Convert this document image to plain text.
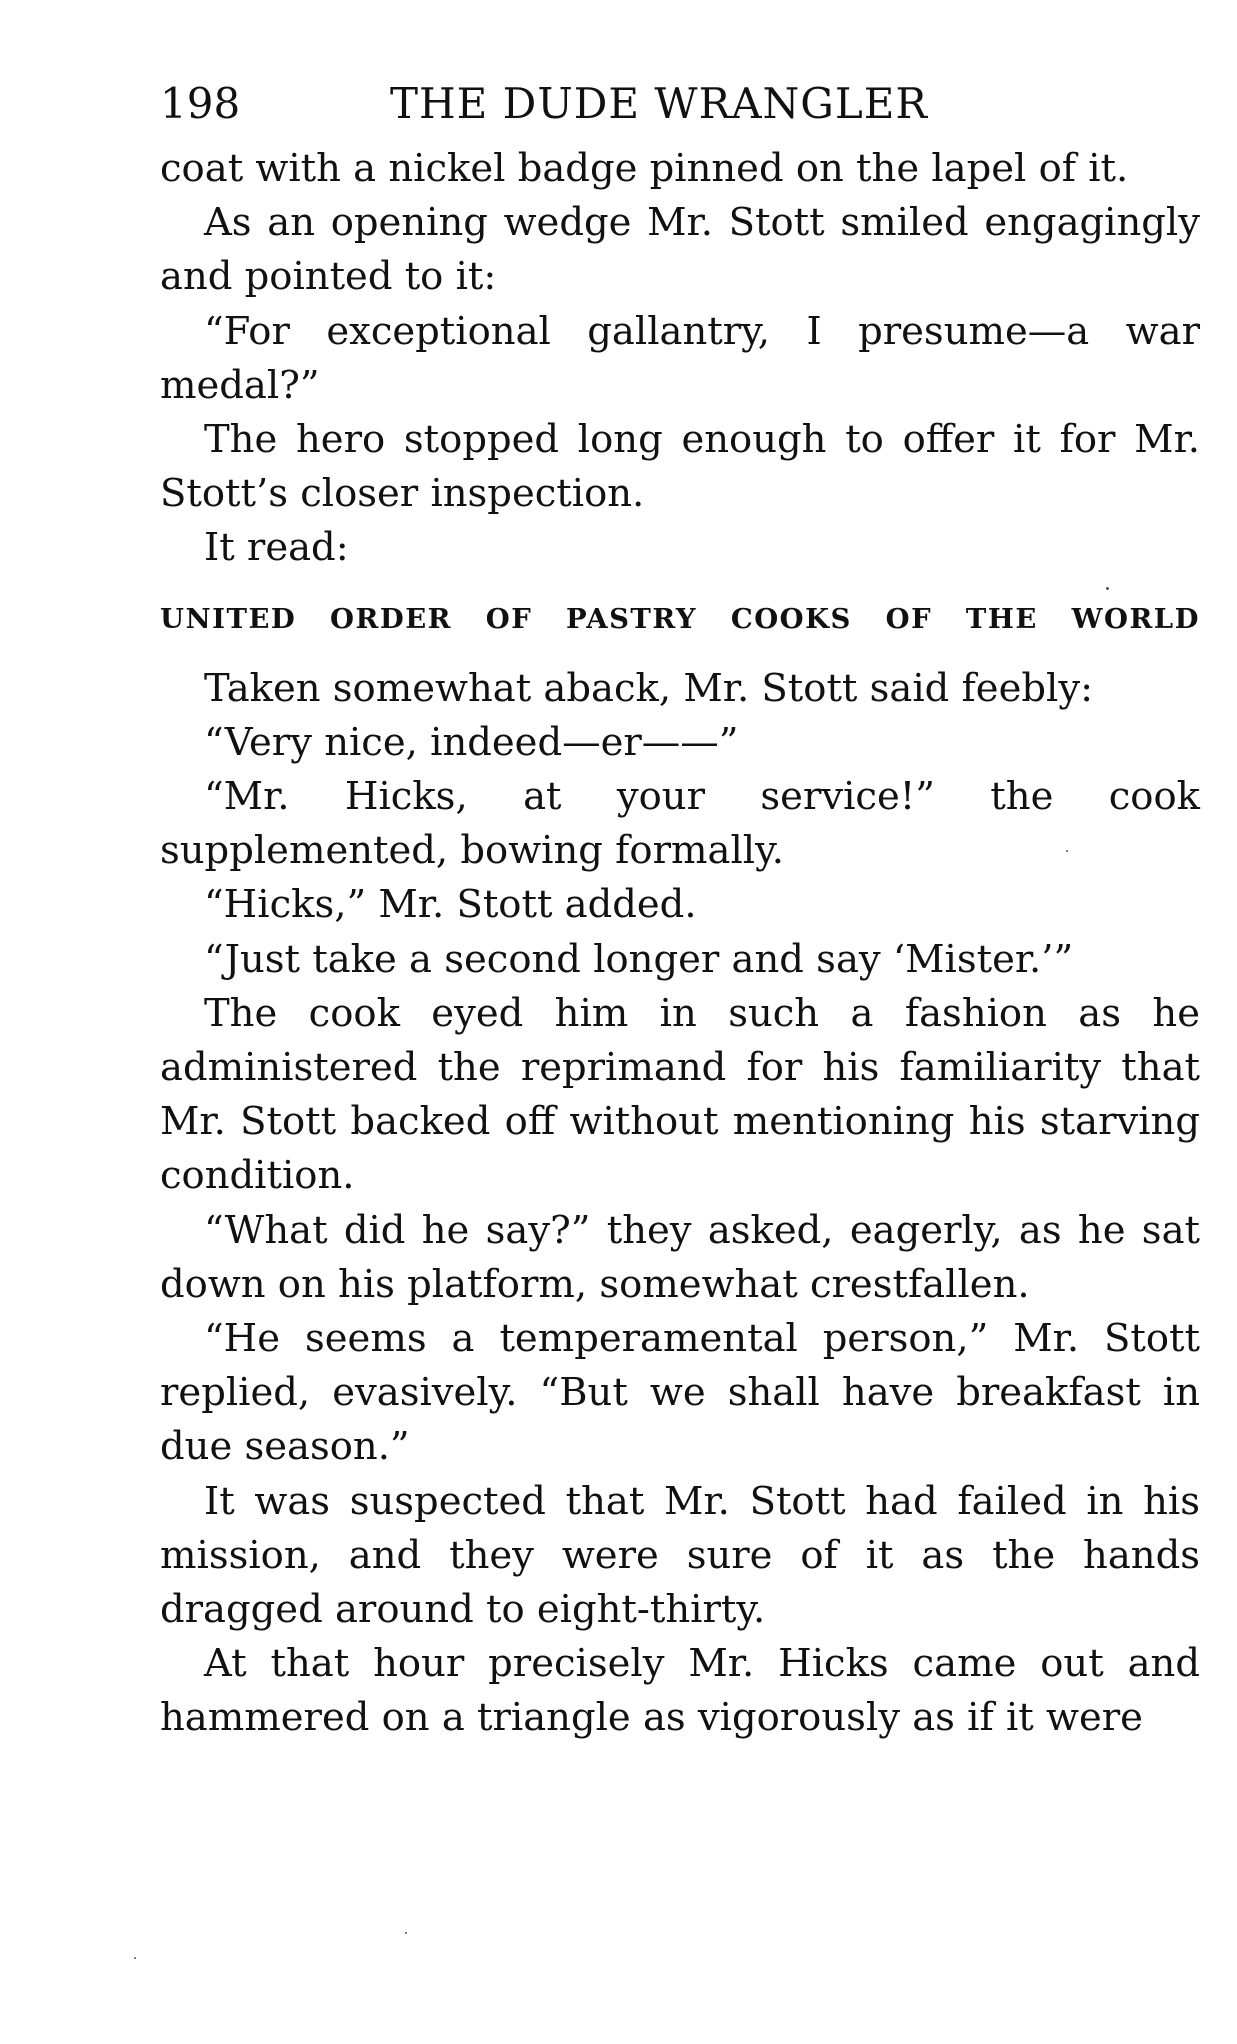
198	THE DUDE WRANGLER

coat with a nickel badge pinned on the lapel of it.

As an opening wedge Mr. Stott smiled engagingly and pointed to it:

“For exceptional gallantry, I presume—a war medal?”

The hero stopped long enough to offer it for Mr. Stott’s closer inspection.

It read:

UNITED ORDER OF PASTRY COOKS OF THE WORLD

Taken somewhat aback, Mr. Stott said feebly:

“Very nice, indeed—er——”

“Mr. Hicks, at your service!” the cook supplemented, bowing formally.

“Hicks,” Mr. Stott added.

“Just take a second longer and say ‘Mister.’”

The cook eyed him in such a fashion as he administered the reprimand for his familiarity that Mr. Stott backed off without mentioning his starving condition.

“What did he say?” they asked, eagerly, as he sat down on his platform, somewhat crestfallen.

“He seems a temperamental person,” Mr. Stott replied, evasively. “But we shall have breakfast in due season.”

It was suspected that Mr. Stott had failed in his mission, and they were sure of it as the hands dragged around to eight-thirty.

At that hour precisely Mr. Hicks came out and hammered on a triangle as vigorously as if it were
